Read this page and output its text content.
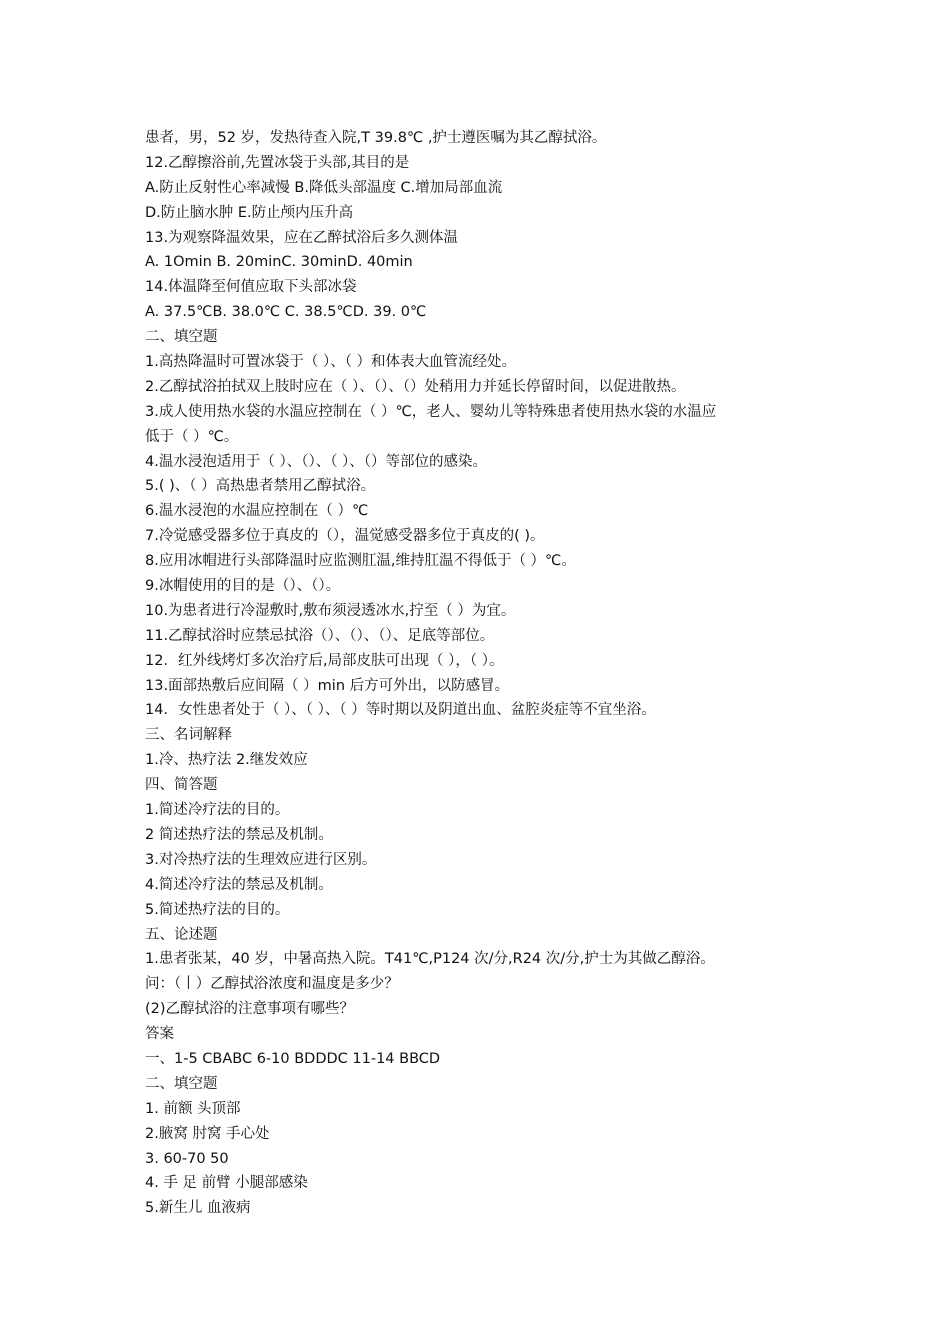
患者，男，52 岁，发热待查入院,T 39.8℃ ,护士遵医嘱为其乙醇拭浴。
12.乙醇擦浴前,先置冰袋于头部,其目的是
A.防止反射性心率减慢 B.降低头部温度 C.增加局部血流
D.防止脑水肿 E.防止颅内压升高
13.为观察降温效果，应在乙醉拭浴后多久测体温
A. 1Omin B. 20minC. 30minD. 40min
14.体温降至何值应取下头部冰袋
A. 37.5℃B. 38.0℃ C. 38.5℃D. 39. 0℃
二、填空题
1.高热降温时可置冰袋于（ ）、（ ）和体表大血管流经处。
2.乙醇拭浴拍拭双上肢时应在（ ）、（）、（）处稍用力并延长停留时间，以促进散热。
3.成人使用热水袋的水温应控制在（ ）℃，老人、婴幼儿等特殊患者使用热水袋的水温应
低于（ ）℃。
4.温水浸泡适用于（ ）、（）、（ ）、（）等部位的感染。
5.( )、（ ）高热患者禁用乙醇拭浴。
6.温水浸泡的水温应控制在（ ）℃
7.冷觉感受器多位于真皮的（），温觉感受器多位于真皮的( )。
8.应用冰帽进行头部降温时应监测肛温,维持肛温不得低于（ ）℃。
9.冰帽使用的目的是（）、（）。
10.为患者进行冷湿敷时,敷布须浸透冰水,拧至（ ）为宜。
11.乙醇拭浴时应禁忌拭浴（）、（）、（）、足底等部位。
12．红外线烤灯多次治疗后,局部皮肤可出现（ ），（ ）。
13.面部热敷后应间隔（ ）min 后方可外出，以防感冒。
14．女性患者处于（ ）、（ ）、（ ）等时期以及阴道出血、盆腔炎症等不宜坐浴。
三、名词解释
1.冷、热疗法 2.继发效应
四、简答题
1.简述冷疗法的目的。
2 简述热疗法的禁忌及机制。
3.对冷热疗法的生理效应进行区别。
4.简述冷疗法的禁忌及机制。
5.简述热疗法的目的。
五、论述题
1.患者张某，40 岁，中暑高热入院。T41℃,P124 次/分,R24 次/分,护士为其做乙醇浴。
问：（丨）乙醇拭浴浓度和温度是多少？
(2)乙醇拭浴的注意事项有哪些？
答案
一、1-5 CBABC 6-10 BDDDC 11-14 BBCD
二、填空题
1. 前额 头顶部
2.腋窝 肘窝 手心处
3. 60-70 50
4. 手 足 前臂 小腿部感染
5.新生儿 血液病
